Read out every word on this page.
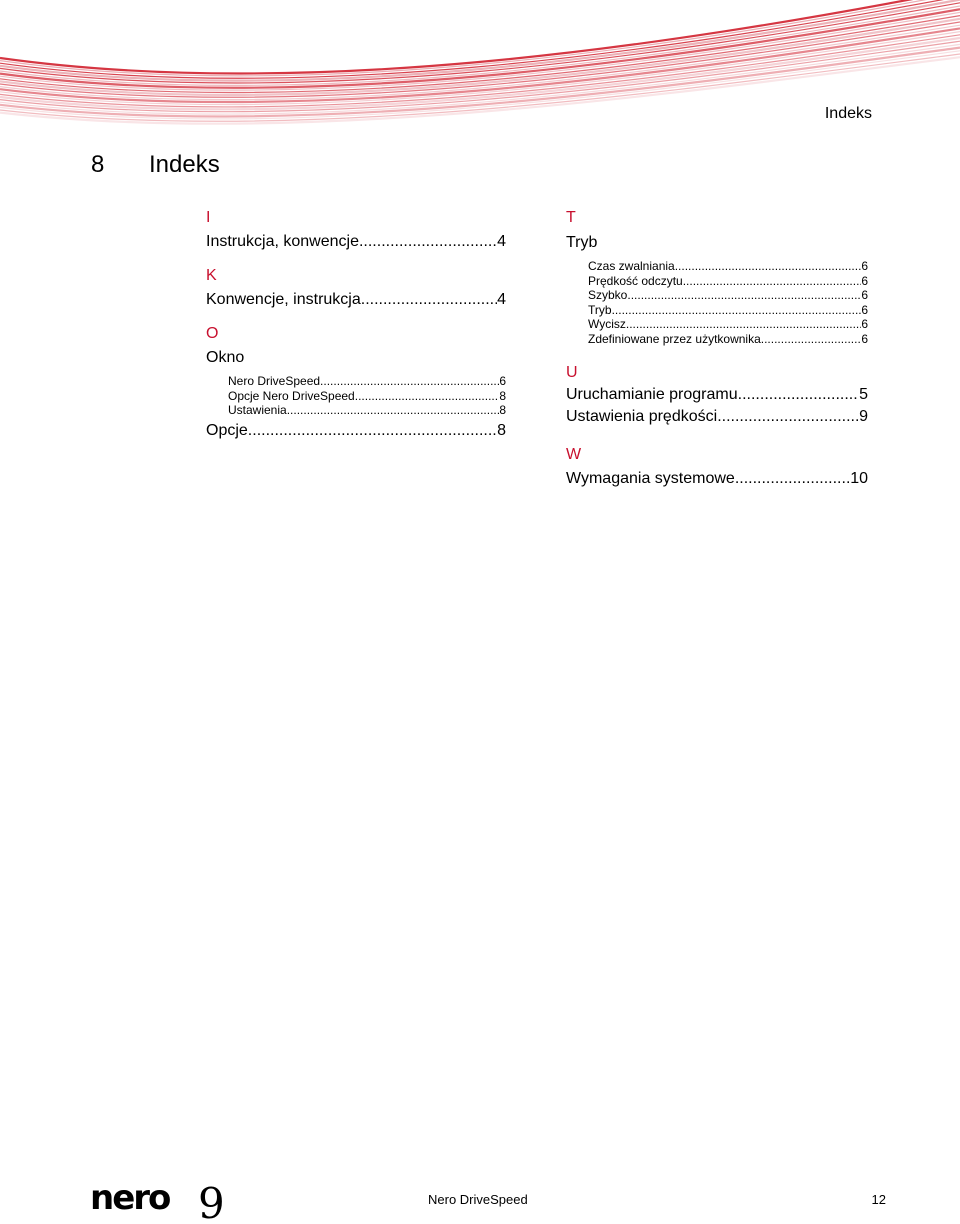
Indeks
8 Indeks
I
Instrukcja, konwencje .....	4
K
Konwencje, instrukcja .....	4
O
Okno
Nero DriveSpeed .....	6
Opcje Nero DriveSpeed .....	8
Ustawienia .....	8
Opcje .....	8
T
Tryb
Czas zwalniania .....	6
Prędkość odczytu .....	6
Szybko .....	6
Tryb .....	6
Wycisz .....	6
Zdefiniowane przez użytkownika .....	6
U
Uruchamianie programu .....	5
Ustawienia prędkości .....	9
W
Wymagania systemowe .....	10
nero 9	Nero DriveSpeed	12
